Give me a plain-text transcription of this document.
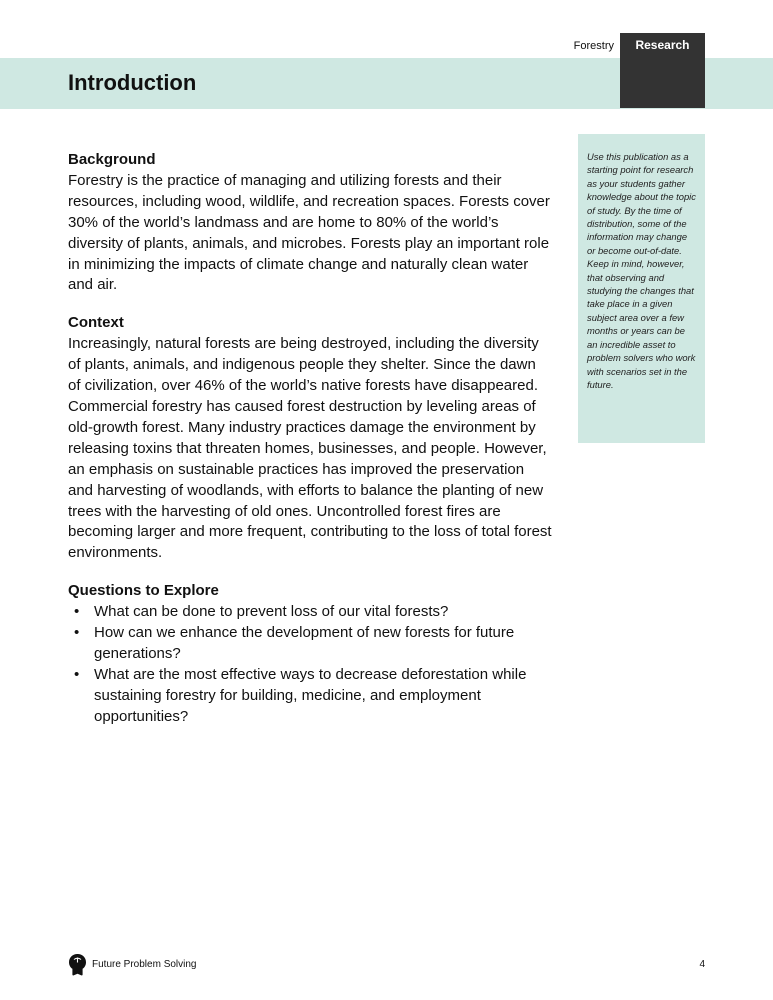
Introduction
Forestry	Research

Background

Forestry is the practice of managing and utilizing forests and their resources, including wood, wildlife, and recreation spaces. Forests cover 30% of the world’s landmass and are home to 80% of the world’s diversity of plants, animals, and microbes. Forests play an important role in minimizing the impacts of climate change and naturally clean water and air.

Context

Increasingly, natural forests are being destroyed, including the diversity of plants, animals, and indigenous people they shelter. Since the dawn of civilization, over 46% of the world’s native forests have disappeared. Commercial forestry has caused forest destruction by leveling areas of old-growth forest. Many industry practices damage the environment by releasing toxins that threaten homes, businesses, and people. However, an emphasis on sustainable practices has improved the preservation and harvesting of woodlands, with efforts to balance the planting of new trees with the harvesting of old ones. Uncontrolled forest fires are becoming larger and more frequent, contributing to the loss of total forest environments.

Questions to Explore

• What can be done to prevent loss of our vital forests?
• How can we enhance the development of new forests for future generations?
• What are the most effective ways to decrease deforestation while sustaining forestry for building, medicine, and employment opportunities?
Use this publication as a starting point for research as your students gather knowledge about the topic of study. By the time of distribution, some of the information may change or become out-of-date. Keep in mind, however, that observing and studying the changes that take place in a given subject area over a few months or years can be an incredible asset to problem solvers who work with scenarios set in the future.
Future Problem Solving	4
